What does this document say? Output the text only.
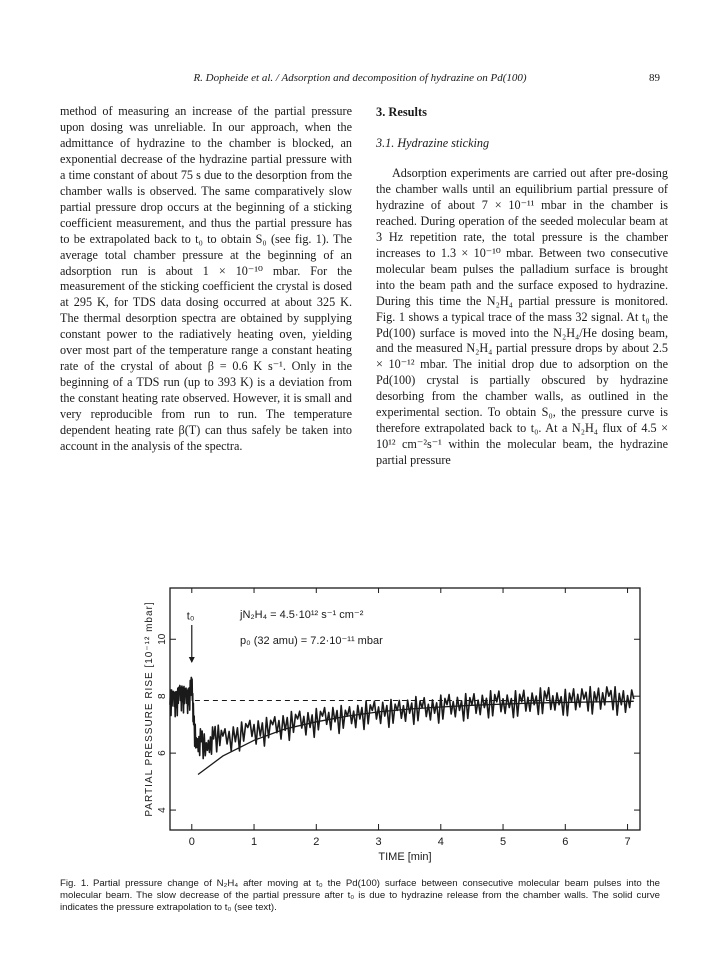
R. Dopheide et al. / Adsorption and decomposition of hydrazine on Pd(100)	89

method of measuring an increase of the partial pressure upon dosing was unreliable. In our approach, when the admittance of hydrazine to the chamber is blocked, an exponential decrease of the hydrazine partial pressure with a time constant of about 75 s due to the desorption from the chamber walls is observed. The same comparatively slow partial pressure drop occurs at the beginning of a sticking coefficient measurement, and thus the partial pressure has to be extrapolated back to t₀ to obtain S₀ (see fig. 1). The average total chamber pressure at the beginning of an adsorption run is about 1 × 10⁻¹⁰ mbar. For the measurement of the sticking coefficient the crystal is dosed at 295 K, for TDS data dosing occurred at about 325 K. The thermal desorption spectra are obtained by supplying constant power to the radiatively heating oven, yielding over most part of the temperature range a constant heating rate of the crystal of about β = 0.6 K s⁻¹. Only in the beginning of a TDS run (up to 393 K) is a deviation from the constant heating rate observed. However, it is small and very reproducible from run to run. The temperature dependent heating rate β(T) can thus safely be taken into account in the analysis of the spectra.

3. Results
3.1. Hydrazine sticking

Adsorption experiments are carried out after pre-dosing the chamber walls until an equilibrium partial pressure of hydrazine of about 7 × 10⁻¹¹ mbar in the chamber is reached. During operation of the seeded molecular beam at 3 Hz repetition rate, the total pressure is the chamber increases to 1.3 × 10⁻¹⁰ mbar. Between two consecutive molecular beam pulses the palladium surface is brought into the beam path and the surface exposed to hydrazine. During this time the N₂H₄ partial pressure is monitored. Fig. 1 shows a typical trace of the mass 32 signal. At t₀ the Pd(100) surface is moved into the N₂H₄/He dosing beam, and the measured N₂H₄ partial pressure drops by about 2.5 × 10⁻¹² mbar. The initial drop due to adsorption on the Pd(100) crystal is partially obscured by hydrazine desorbing from the chamber walls, as outlined in the experimental section. To obtain S₀, the pressure curve is therefore extrapolated back to t₀. At a N₂H₄ flux of 4.5 × 10¹² cm⁻²s⁻¹ within the molecular beam, the hydrazine partial pressure

0	1	2	3	4	5	6	7
4
6
8
10
t₀	jN₂H₄ = 4.5·10¹² s⁻¹ cm⁻²
p₀ (32 amu) = 7.2·10⁻¹¹ mbar
TIME [min]
PARTIAL PRESSURE RISE [10⁻¹² mbar]
Fig. 1. Partial pressure change of N₂H₄ after moving at t₀ the Pd(100) surface between consecutive molecular beam pulses into the molecular beam. The slow decrease of the partial pressure after t₀ is due to hydrazine release from the chamber walls. The solid curve indicates the pressure extrapolation to t₀ (see text).
